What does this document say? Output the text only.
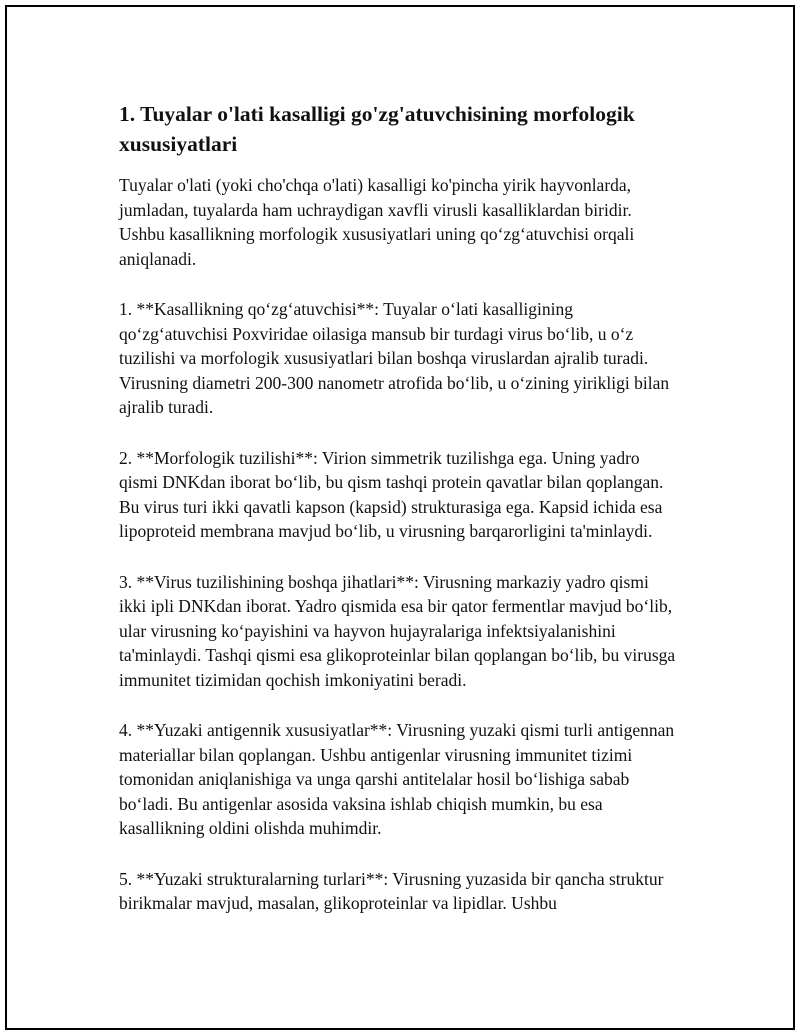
1. Tuyalar o'lati kasalligi go'zg'atuvchisining morfologik xususiyatlari

Tuyalar o'lati (yoki cho'chqa o'lati) kasalligi ko'pincha yirik hayvonlarda, jumladan, tuyalarda ham uchraydigan xavfli virusli kasalliklardan biridir. Ushbu kasallikning morfologik xususiyatlari uning qo‘zg‘atuvchisi orqali aniqlanadi.

1. **Kasallikning qo‘zg‘atuvchisi**: Tuyalar o‘lati kasalligining qo‘zg‘atuvchisi Poxviridae oilasiga mansub bir turdagi virus bo‘lib, u o‘z tuzilishi va morfologik xususiyatlari bilan boshqa viruslardan ajralib turadi. Virusning diametri 200-300 nanometr atrofida bo‘lib, u o‘zining yirikligi bilan ajralib turadi.

2. **Morfologik tuzilishi**: Virion simmetrik tuzilishga ega. Uning yadro qismi DNKdan iborat bo‘lib, bu qism tashqi protein qavatlar bilan qoplangan. Bu virus turi ikki qavatli kapson (kapsid) strukturasiga ega. Kapsid ichida esa lipoproteid membrana mavjud bo‘lib, u virusning barqarorligini ta'minlaydi.

3. **Virus tuzilishining boshqa jihatlari**: Virusning markaziy yadro qismi ikki ipli DNKdan iborat. Yadro qismida esa bir qator fermentlar mavjud bo‘lib, ular virusning ko‘payishini va hayvon hujayralariga infektsiyalanishini ta'minlaydi. Tashqi qismi esa glikoproteinlar bilan qoplangan bo‘lib, bu virusga immunitet tizimidan qochish imkoniyatini beradi.

4. **Yuzaki antigennik xususiyatlar**: Virusning yuzaki qismi turli antigennan materiallar bilan qoplangan. Ushbu antigenlar virusning immunitet tizimi tomonidan aniqlanishiga va unga qarshi antitelalar hosil bo‘lishiga sabab bo‘ladi. Bu antigenlar asosida vaksina ishlab chiqish mumkin, bu esa kasallikning oldini olishda muhimdir.

5. **Yuzaki strukturalarning turlari**: Virusning yuzasida bir qancha struktur birikmalar mavjud, masalan, glikoproteinlar va lipidlar. Ushbu
